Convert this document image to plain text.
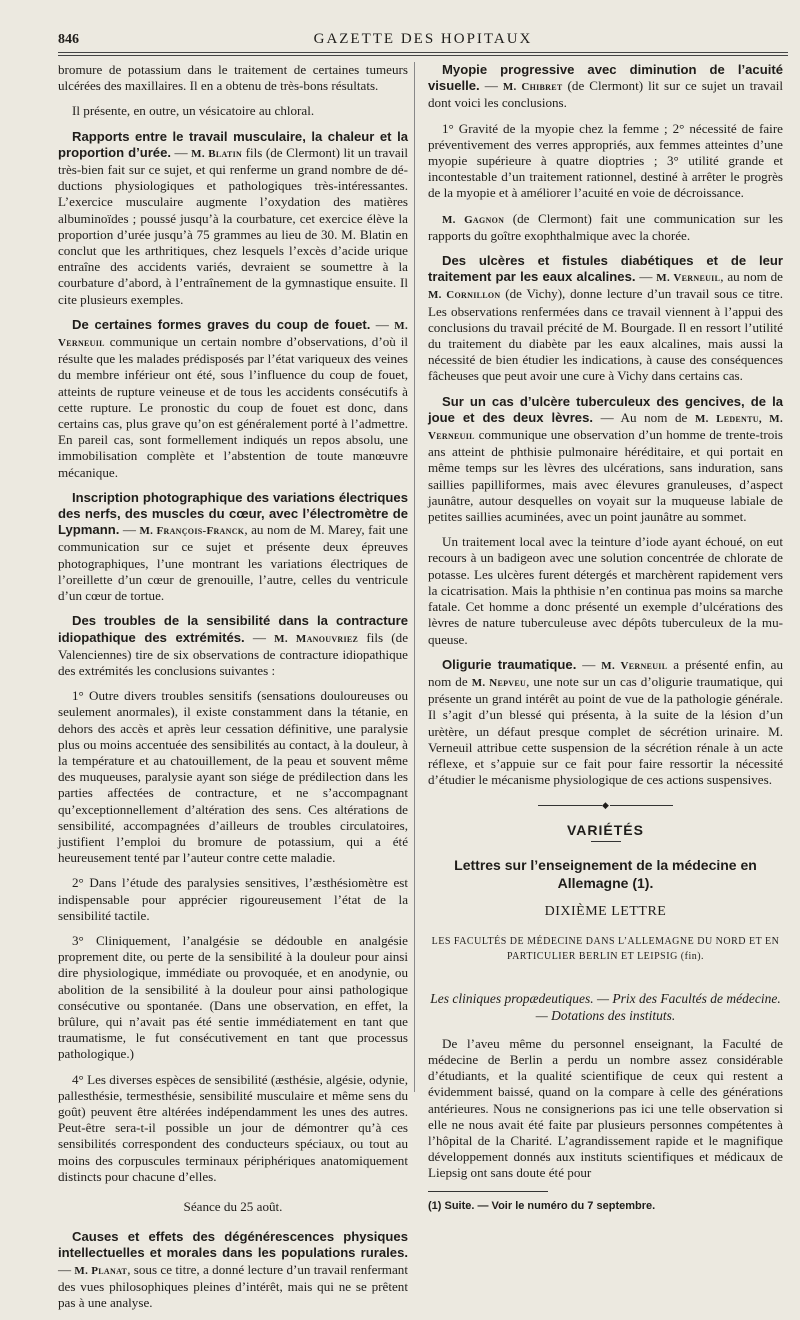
846	GAZETTE DES HOPITAUX

bromure de potassium dans le traitement de certaines tumeurs ulcérées des maxillaires. Il en a obtenu de très-bons résultats.

Il présente, en outre, un vésicatoire au chloral.

Rapports entre le travail musculaire, la chaleur et la proportion d’urée. — M. Blatin fils (de Clermont) lit un travail très-bien fait sur ce sujet, et qui renferme un grand nombre de déductions physiologiques et pathologiques très-intéressantes. L’exercice musculaire augmente l’oxydation des matières albuminoïdes ; poussé jusqu’à la courbature, cet exercice élève la proportion d’urée jusqu’à 75 grammes au lieu de 30. M. Blatin en conclut que les arthritiques, chez lesquels l’excès d’acide urique entraîne des accidents variés, devraient se soumettre à la courbature d’abord, à l’entraînement de la gymnastique ensuite. Il cite plusieurs exemples.

De certaines formes graves du coup de fouet. — M. Verneuil communique un certain nombre d’observations, d’où il résulte que les malades prédisposés par l’état variqueux des veines du membre inférieur ont été, sous l’influence du coup de fouet, atteints de rupture veineuse et de tous les accidents consécutifs à cette rupture. Le pronostic du coup de fouet est donc, dans certains cas, plus grave qu’on est généralement porté à l’admettre. En pareil cas, sont formellement indiqués un repos absolu, une immobilisation complète et l’abstention de toute manœuvre mécanique.

Inscription photographique des variations électriques des nerfs, des muscles du cœur, avec l’électromètre de Lypmann. — M. François-Franck, au nom de M. Marey, fait une communication sur ce sujet et présente deux épreuves photographiques, l’une montrant les variations électriques de l’oreillette d’un cœur de grenouille, l’autre, celles du ventricule d’un cœur de tortue.

Des troubles de la sensibilité dans la contracture idiopathique des extrémités. — M. Manouvriez fils (de Valenciennes) tire de six observations de contracture idiopathique des extrémités les conclusions suivantes :

1° Outre divers troubles sensitifs (sensations douloureuses ou seulement anormales), il existe constamment dans la tétanie, en dehors des accès et après leur cessation définitive, une paralysie plus ou moins accentuée des sensibilités au contact, à la douleur, à la température et au chatouillement, de la peau et souvent même des muqueuses, paralysie ayant son siége de prédilection dans les parties affectées de contracture, et ne s’accompagnant qu’exceptionnellement d’altération des sens. Ces altérations de sensibilité, accompagnées d’ailleurs de troubles circulatoires, justifient l’emploi du bromure de potassium, qui a été heureusement tenté par l’auteur contre cette maladie.

2° Dans l’étude des paralysies sensitives, l’æsthésiomètre est indispensable pour apprécier rigoureusement l’état de la sensibilité tactile.

3° Cliniquement, l’analgésie se dédouble en analgésie proprement dite, ou perte de la sensibilité à la douleur pour ainsi dire physiologique, immédiate ou provoquée, et en anodynie, ou abolition de la sensibilité à la douleur pour ainsi pathologique consécutive ou spontanée. (Dans une observation, en effet, la brûlure, qui n’avait pas été sentie immédiatement en tant que traumatisme, le fut consécutivement en tant que processus pathologique.)

4° Les diverses espèces de sensibilité (æsthésie, algésie, odynie, pallesthésie, termesthésie, sensibilité musculaire et même sens du goût) peuvent être altérées indépendamment les unes des autres. Peut-être sera-t-il possible un jour de démontrer qu’à ces sensibilités correspondent des conducteurs spéciaux, ou tout au moins des corpuscules terminaux périphériques anatomiquement distincts pour chacune d’elles.

Séance du 25 août.

Causes et effets des dégénérescences physiques intellectuelles et morales dans les populations rurales. — M. Planat, sous ce titre, a donné lecture d’un travail renfermant des vues philosophiques pleines d’intérêt, mais qui ne se prêtent pas à une analyse.

Myopie progressive avec diminution de l’acuité visuelle. — M. Chibret (de Clermont) lit sur ce sujet un travail dont voici les conclusions.

1° Gravité de la myopie chez la femme ; 2° nécessité de faire préventivement des verres appropriés, aux femmes atteintes d’une myopie supérieure à quatre dioptries ; 3° utilité grande et incontestable d’un traitement rationnel, destiné à arrêter le progrès de la myopie et à améliorer l’acuité en voie de décroissance.

M. Gagnon (de Clermont) fait une communication sur les rapports du goître exophthalmique avec la chorée.

Des ulcères et fistules diabétiques et de leur traitement par les eaux alcalines. — M. Verneuil, au nom de M. Cornillon (de Vichy), donne lecture d’un travail sous ce titre. Les observations renfermées dans ce travail viennent à l’appui des conclusions du travail précité de M. Bourgade. Il en ressort l’utilité du traitement du diabète par les eaux alcalines, mais aussi la nécessité de bien étudier les indications, à cause des conséquences fâcheuses que peut avoir une cure à Vichy dans certains cas.

Sur un cas d’ulcère tuberculeux des gencives, de la joue et des deux lèvres. — Au nom de M. Ledentu, M. Verneuil communique une observation d’un homme de trente-trois ans atteint de phthisie pulmonaire héréditaire, et qui portait en même temps sur les lèvres des ulcérations, sans induration, sans saillies papilliformes, mais avec élevures granuleuses, d’aspect jaunâtre, autour desquelles on voyait sur la muqueuse labiale de petites saillies acuminées, avec un point jaunâtre au sommet.

Un traitement local avec la teinture d’iode ayant échoué, on eut recours à un badigeon avec une solution concentrée de chlorate de potasse. Les ulcères furent détergés et marchèrent rapidement vers la cicatrisation. Mais la phthisie n’en continua pas moins sa marche fatale. Cet homme a donc présenté un exemple d’ulcérations des lèvres de nature tuberculeuse avec dépôts tuberculeux de la muqueuse.

Oligurie traumatique. — M. Verneuil a présenté enfin, au nom de M. Nepveu, une note sur un cas d’oligurie traumatique, qui présente un grand intérêt au point de vue de la pathologie générale. Il s’agit d’un blessé qui présenta, à la suite de la lésion d’un urètère, un défaut presque complet de sécrétion urinaire. M. Verneuil attribue cette suspension de la sécrétion rénale à un acte réflexe, et s’appuie sur ce fait pour faire ressortir la nécessité d’étudier le mécanisme physiologique de ces actions suspensives.

◆
VARIÉTÉS

Lettres sur l’enseignement de la médecine en Allemagne (1).

DIXIÈME LETTRE

LES FACULTÉS DE MÉDECINE DANS L’ALLEMAGNE DU NORD ET EN PARTICULIER BERLIN ET LEIPSIG (fin).

Les cliniques propædeutiques. — Prix des Facultés de médecine. — Dotations des instituts.

De l’aveu même du personnel enseignant, la Faculté de médecine de Berlin a perdu un nombre assez considérable d’étudiants, et la qualité scientifique de ceux qui restent a évidemment baissé, quand on la compare à celle des générations antérieures. Nous ne consignerions pas ici une telle observation si elle ne nous avait été faite par plusieurs personnes compétentes à l’hôpital de la Charité. L’agrandissement rapide et le magnifique développement donnés aux instituts scientifiques et médicaux de Liepsig ont sans doute été pour

(1) Suite. — Voir le numéro du 7 septembre.
